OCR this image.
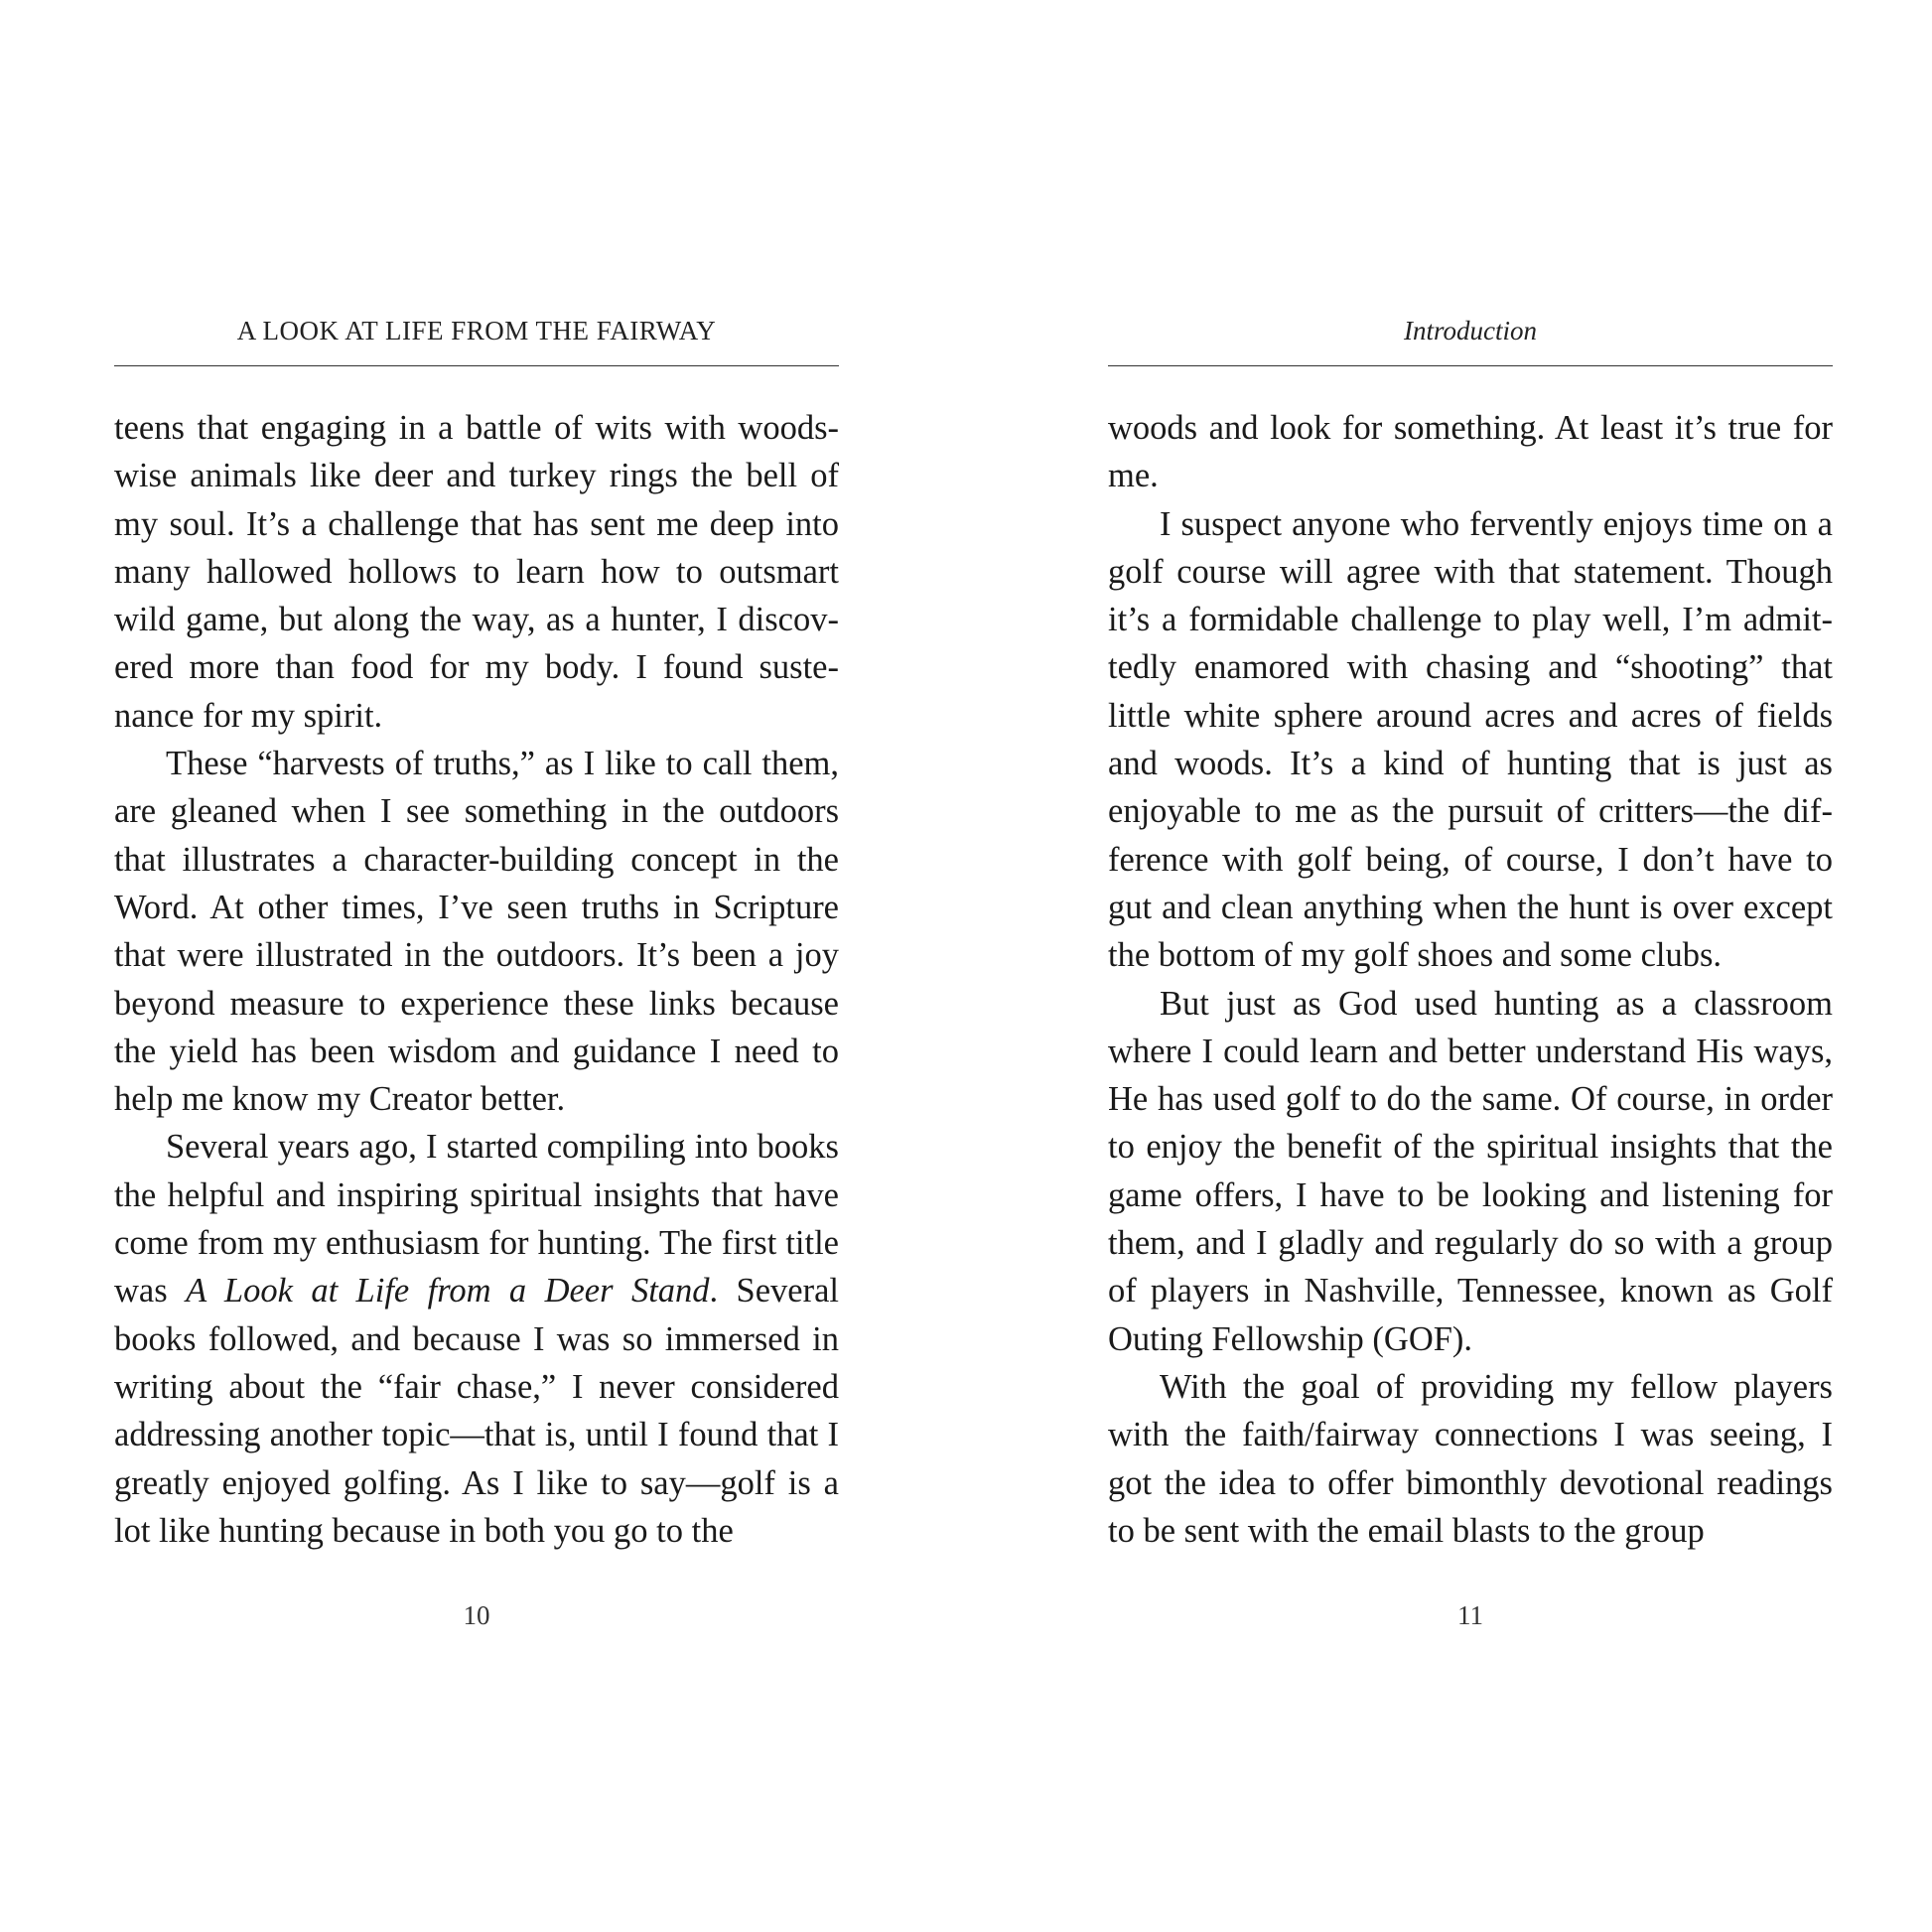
A LOOK AT LIFE FROM THE FAIRWAY

teens that engaging in a battle of wits with woods-wise animals like deer and turkey rings the bell of my soul. It’s a challenge that has sent me deep into many hallowed hollows to learn how to outsmart wild game, but along the way, as a hunter, I discovered more than food for my body. I found sustenance for my spirit.

These “harvests of truths,” as I like to call them, are gleaned when I see something in the outdoors that illustrates a character-building concept in the Word. At other times, I’ve seen truths in Scripture that were illustrated in the outdoors. It’s been a joy beyond measure to experience these links because the yield has been wisdom and guidance I need to help me know my Creator better.

Several years ago, I started compiling into books the helpful and inspiring spiritual insights that have come from my enthusiasm for hunting. The first title was A Look at Life from a Deer Stand. Several books followed, and because I was so immersed in writing about the “fair chase,” I never considered addressing another topic—that is, until I found that I greatly enjoyed golfing. As I like to say—golf is a lot like hunting because in both you go to the

10
Introduction

woods and look for something. At least it’s true for me.

I suspect anyone who fervently enjoys time on a golf course will agree with that statement. Though it’s a formidable challenge to play well, I’m admittedly enamored with chasing and “shooting” that little white sphere around acres and acres of fields and woods. It’s a kind of hunting that is just as enjoyable to me as the pursuit of critters—the difference with golf being, of course, I don’t have to gut and clean anything when the hunt is over except the bottom of my golf shoes and some clubs.

But just as God used hunting as a classroom where I could learn and better understand His ways, He has used golf to do the same. Of course, in order to enjoy the benefit of the spiritual insights that the game offers, I have to be looking and listening for them, and I gladly and regularly do so with a group of players in Nashville, Tennessee, known as Golf Outing Fellowship (GOF).

With the goal of providing my fellow players with the faith/fairway connections I was seeing, I got the idea to offer bimonthly devotional readings to be sent with the email blasts to the group

11
